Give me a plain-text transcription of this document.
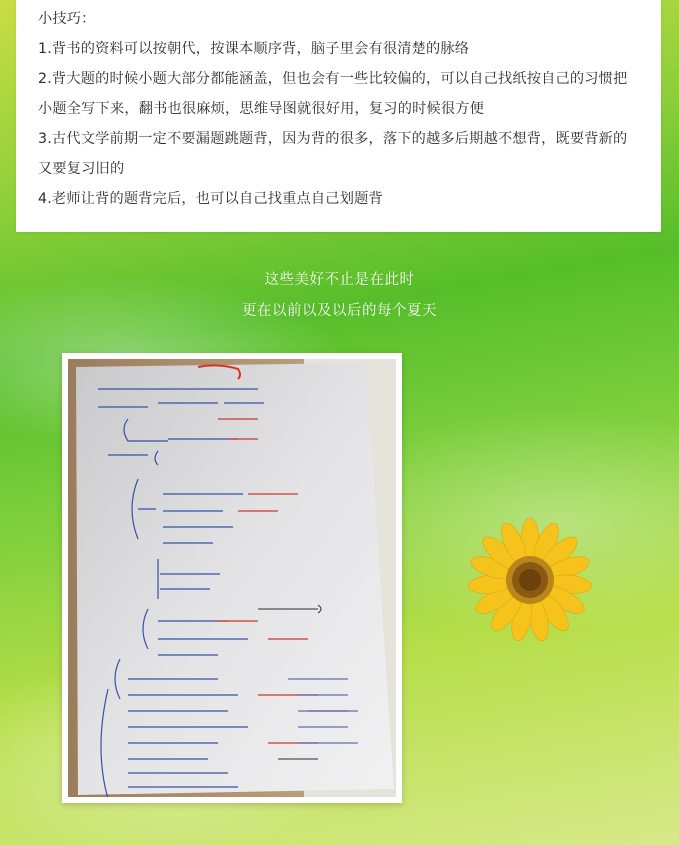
小技巧：

1.背书的资料可以按朝代，按课本顺序背，脑子里会有很清楚的脉络

2.背大题的时候小题大部分都能涵盖，但也会有一些比较偏的，可以自己找纸按自己的习惯把小题全写下来，翻书也很麻烦，思维导图就很好用，复习的时候很方便

3.古代文学前期一定不要漏题跳题背，因为背的很多，落下的越多后期越不想背，既要背新的又要复习旧的

4.老师让背的题背完后，也可以自己找重点自己划题背

这些美好不止是在此时
更在以前以及以后的每个夏天
